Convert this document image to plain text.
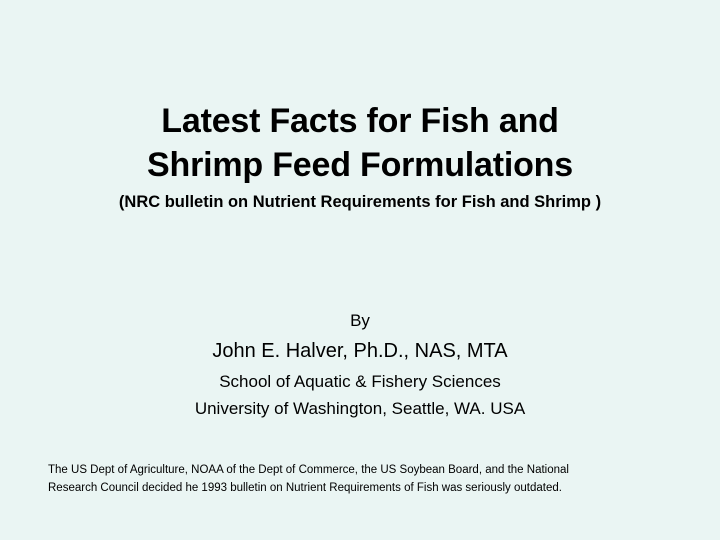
Latest Facts for Fish and
Shrimp Feed Formulations
(NRC bulletin on Nutrient Requirements for Fish and Shrimp )
By
John E. Halver, Ph.D., NAS, MTA
School of Aquatic & Fishery Sciences
University of Washington, Seattle, WA. USA
The US Dept of Agriculture, NOAA of the Dept of Commerce, the US Soybean Board, and the National
Research Council decided he 1993 bulletin on Nutrient Requirements of Fish was seriously outdated.
